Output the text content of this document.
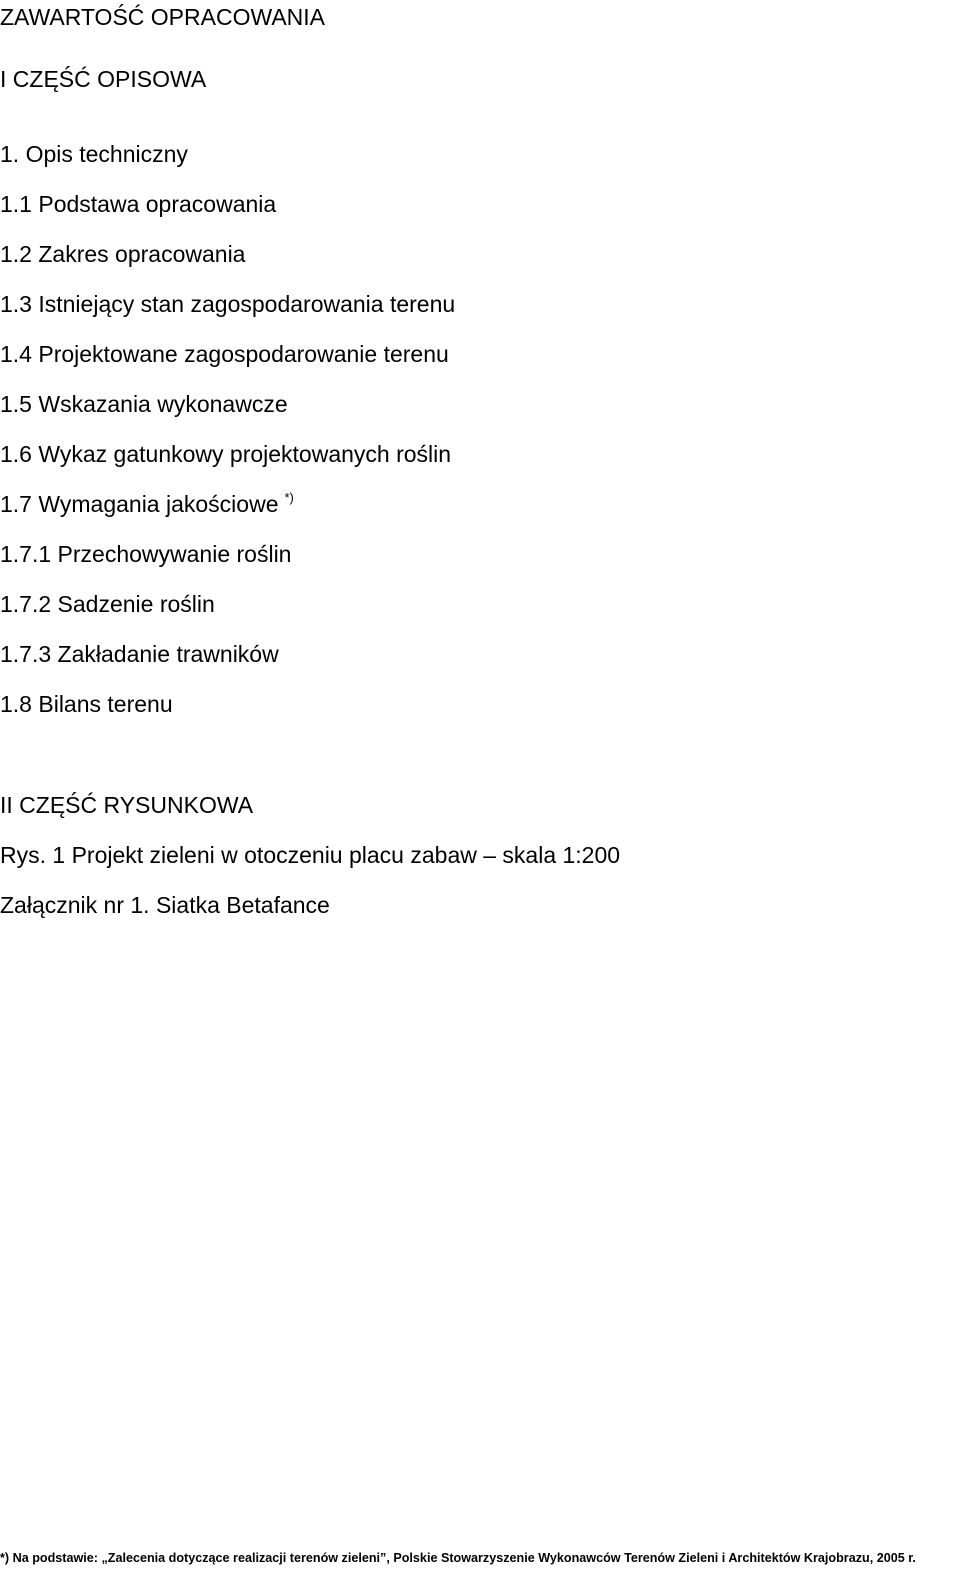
ZAWARTOŚĆ OPRACOWANIA
I CZĘŚĆ OPISOWA
1. Opis techniczny
1.1 Podstawa opracowania
1.2 Zakres opracowania
1.3 Istniejący stan zagospodarowania terenu
1.4 Projektowane zagospodarowanie terenu
1.5 Wskazania wykonawcze
1.6 Wykaz gatunkowy projektowanych roślin
1.7 Wymagania jakościowe *)
1.7.1 Przechowywanie roślin
1.7.2 Sadzenie roślin
1.7.3 Zakładanie trawników
1.8 Bilans terenu
II CZĘŚĆ RYSUNKOWA
Rys. 1 Projekt zieleni w otoczeniu placu zabaw – skala 1:200
Załącznik nr 1. Siatka Betafance
*) Na podstawie: „Zalecenia dotyczące realizacji terenów zieleni”, Polskie Stowarzyszenie Wykonawców Terenów Zieleni i Architektów Krajobrazu, 2005 r.
